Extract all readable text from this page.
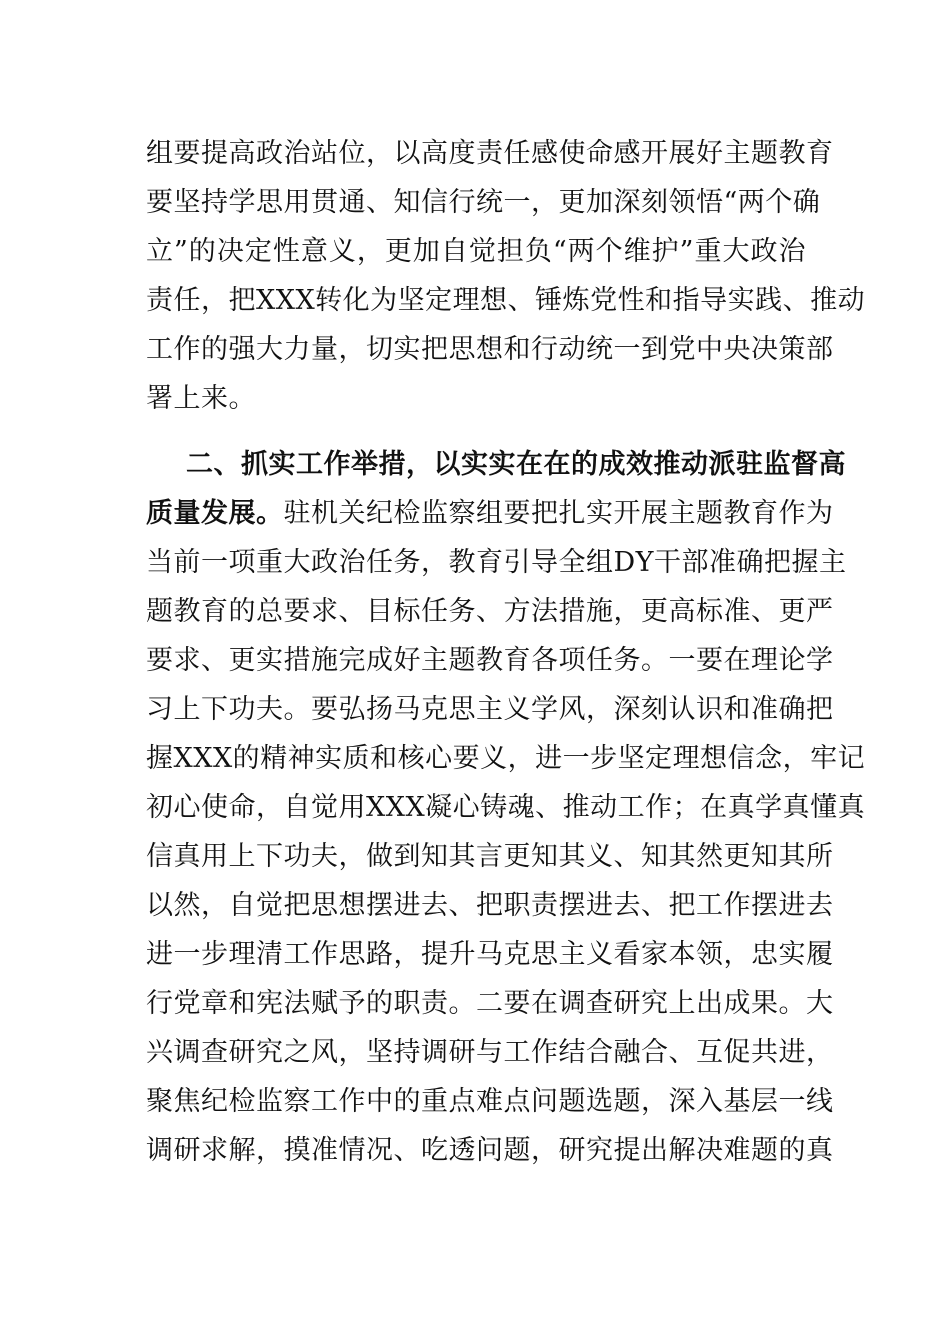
组要提高政治站位，以高度责任感使命感开展好主题教育
要坚持学思用贯通、知信行统一，更加深刻领悟“两个确
立”的决定性意义，更加自觉担负“两个维护”重大政治
责任，把XXX转化为坚定理想、锤炼党性和指导实践、推动
工作的强大力量，切实把思想和行动统一到党中央决策部
署上来。
二、抓实工作举措，以实实在在的成效推动派驻监督高
质量发展。驻机关纪检监察组要把扎实开展主题教育作为
当前一项重大政治任务，教育引导全组DY干部准确把握主
题教育的总要求、目标任务、方法措施，更高标准、更严
要求、更实措施完成好主题教育各项任务。一要在理论学
习上下功夫。要弘扬马克思主义学风，深刻认识和准确把
握XXX的精神实质和核心要义，进一步坚定理想信念，牢记
初心使命，自觉用XXX凝心铸魂、推动工作；在真学真懂真
信真用上下功夫，做到知其言更知其义、知其然更知其所
以然，自觉把思想摆进去、把职责摆进去、把工作摆进去
进一步理清工作思路，提升马克思主义看家本领，忠实履
行党章和宪法赋予的职责。二要在调查研究上出成果。大
兴调查研究之风，坚持调研与工作结合融合、互促共进，
聚焦纪检监察工作中的重点难点问题选题，深入基层一线
调研求解，摸准情况、吃透问题，研究提出解决难题的真
